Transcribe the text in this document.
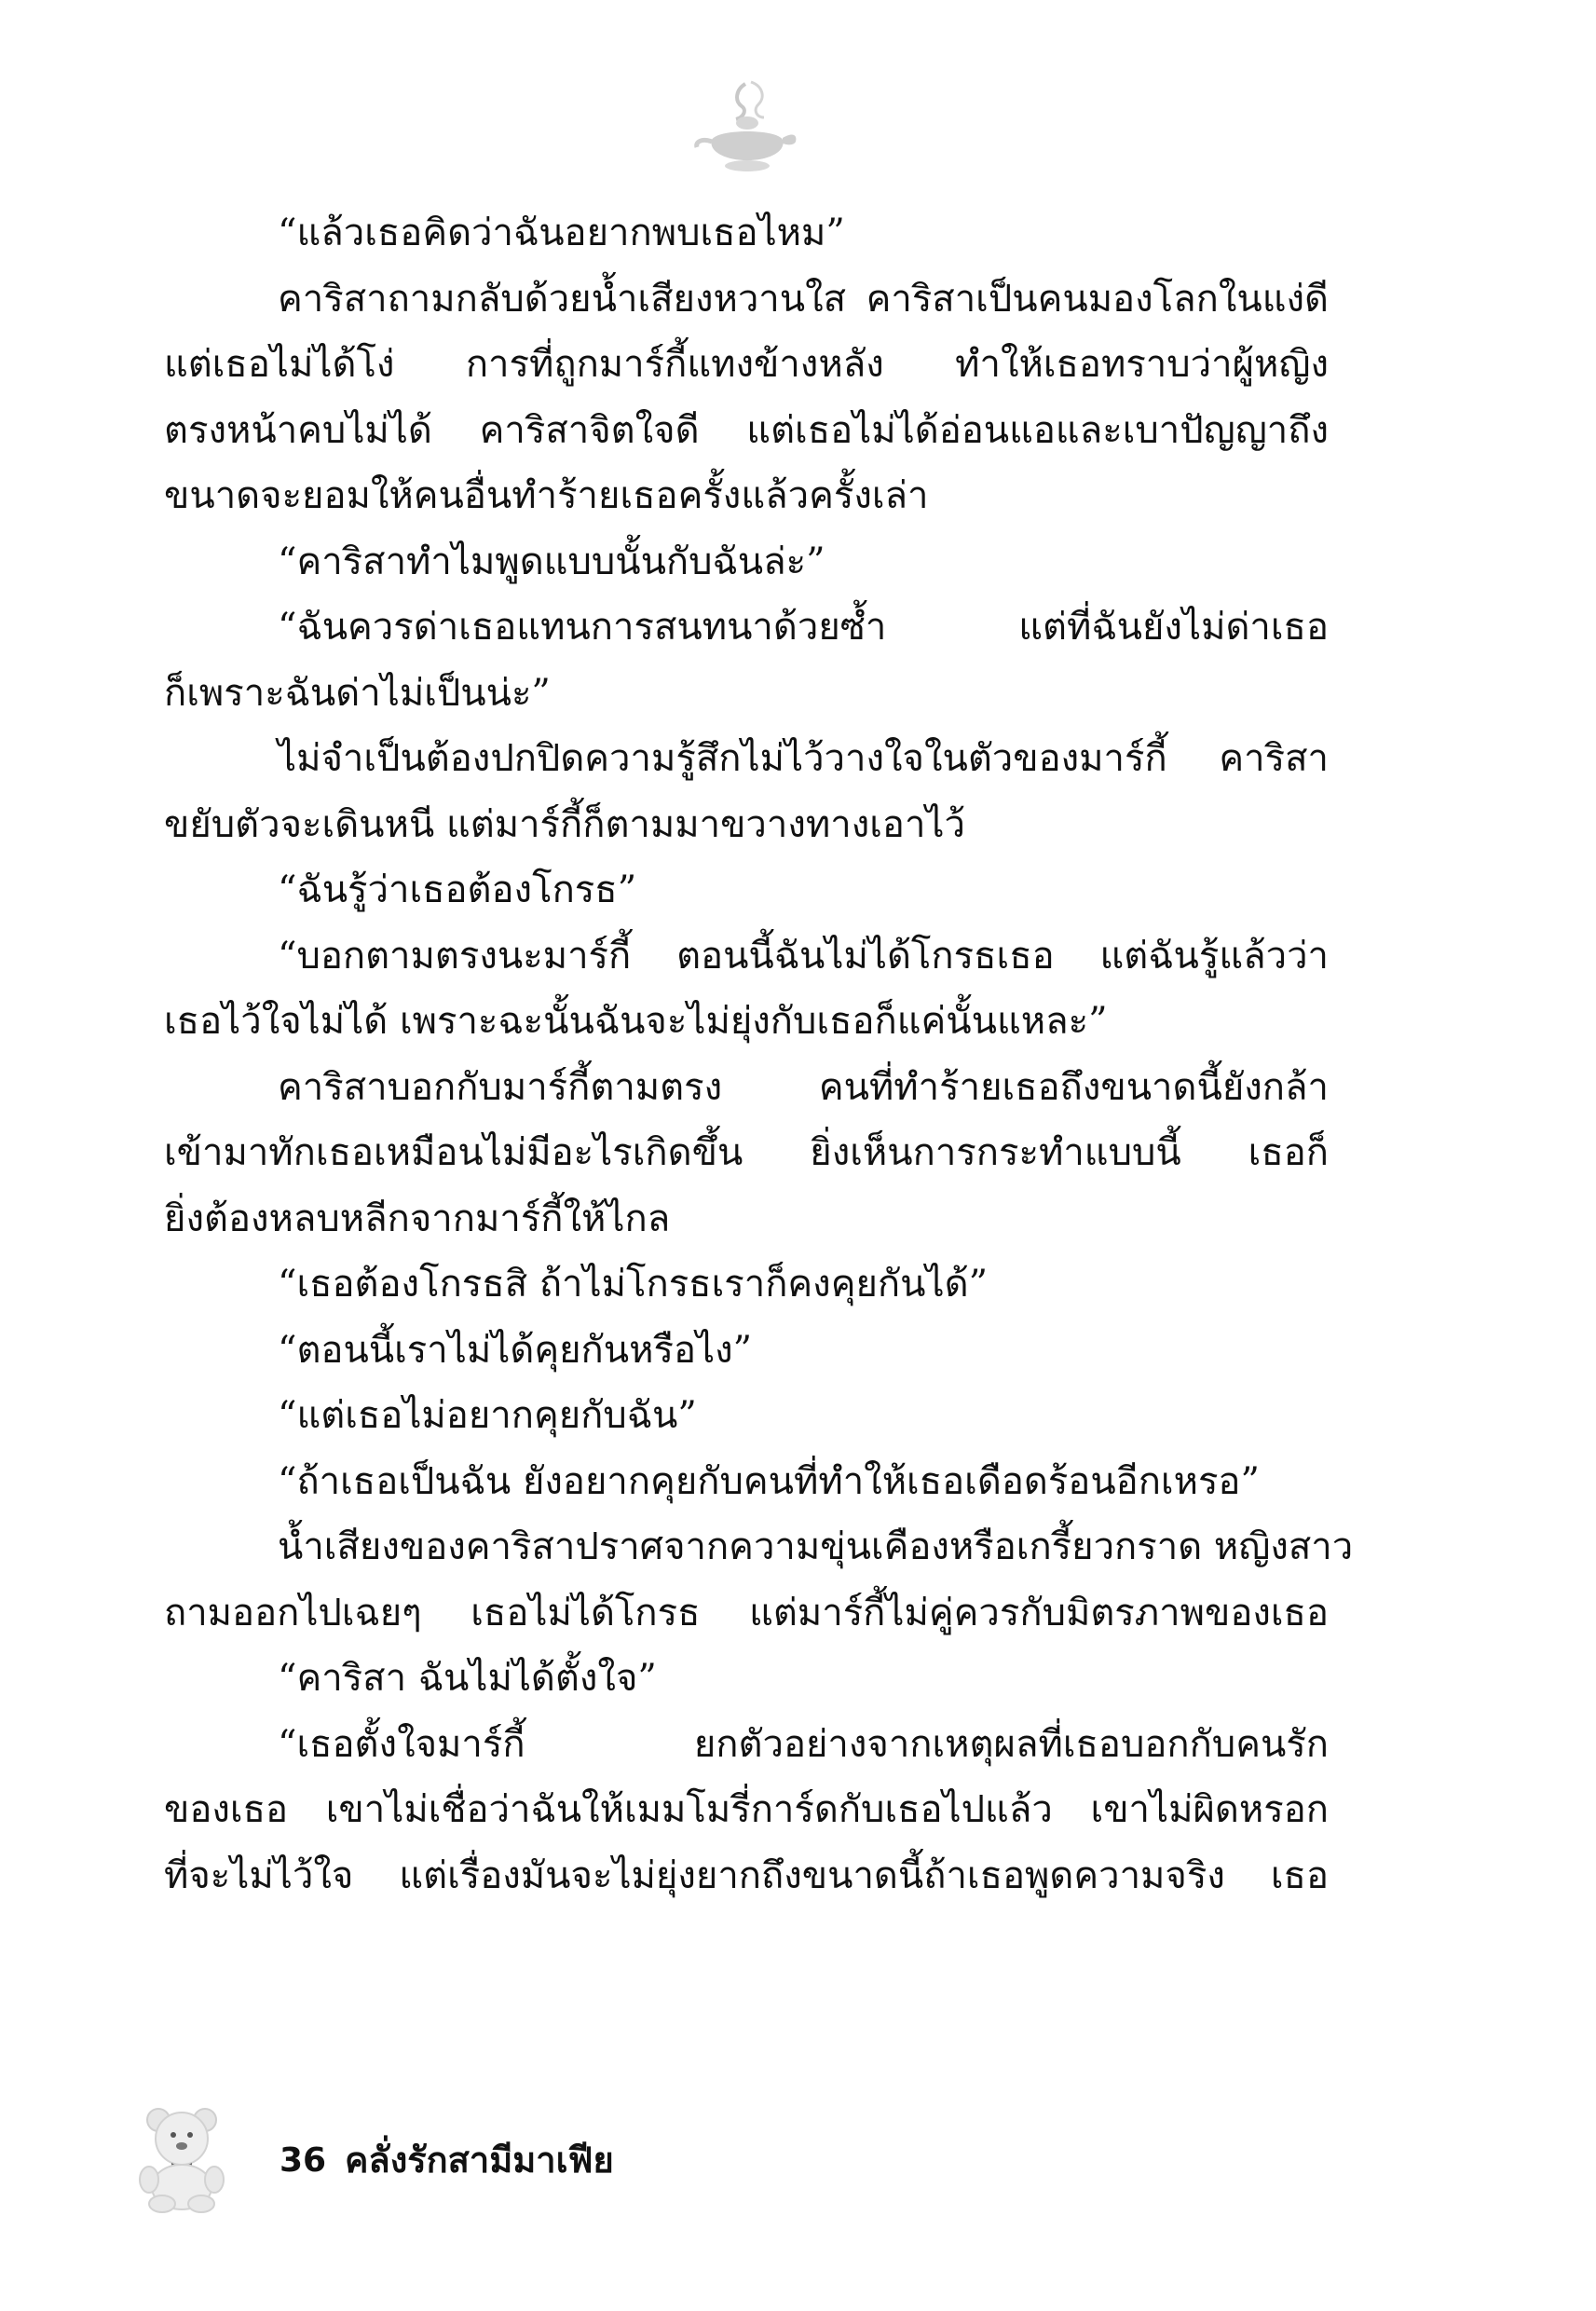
“แล้วเธอคิดว่าฉันอยากพบเธอไหม”
คาริสาถามกลับด้วยน้ำเสียงหวานใส คาริสาเป็นคนมองโลกในแง่ดี
แต่เธอไม่ได้โง่ การที่ถูกมาร์กี้แทงข้างหลัง ทำให้เธอทราบว่าผู้หญิง
ตรงหน้าคบไม่ได้ คาริสาจิตใจดี แต่เธอไม่ได้อ่อนแอและเบาปัญญาถึง
ขนาดจะยอมให้คนอื่นทำร้ายเธอครั้งแล้วครั้งเล่า
“คาริสาทำไมพูดแบบนั้นกับฉันล่ะ”
“ฉันควรด่าเธอแทนการสนทนาด้วยซ้ำ แต่ที่ฉันยังไม่ด่าเธอ
ก็เพราะฉันด่าไม่เป็นน่ะ”
ไม่จำเป็นต้องปกปิดความรู้สึกไม่ไว้วางใจในตัวของมาร์กี้ คาริสา
ขยับตัวจะเดินหนี แต่มาร์กี้ก็ตามมาขวางทางเอาไว้
“ฉันรู้ว่าเธอต้องโกรธ”
“บอกตามตรงนะมาร์กี้ ตอนนี้ฉันไม่ได้โกรธเธอ แต่ฉันรู้แล้วว่า
เธอไว้ใจไม่ได้ เพราะฉะนั้นฉันจะไม่ยุ่งกับเธอก็แค่นั้นแหละ”
คาริสาบอกกับมาร์กี้ตามตรง คนที่ทำร้ายเธอถึงขนาดนี้ยังกล้า
เข้ามาทักเธอเหมือนไม่มีอะไรเกิดขึ้น ยิ่งเห็นการกระทำแบบนี้ เธอก็
ยิ่งต้องหลบหลีกจากมาร์กี้ให้ไกล
“เธอต้องโกรธสิ ถ้าไม่โกรธเราก็คงคุยกันได้”
“ตอนนี้เราไม่ได้คุยกันหรือไง”
“แต่เธอไม่อยากคุยกับฉัน”
“ถ้าเธอเป็นฉัน ยังอยากคุยกับคนที่ทำให้เธอเดือดร้อนอีกเหรอ”
น้ำเสียงของคาริสาปราศจากความขุ่นเคืองหรือเกรี้ยวกราด หญิงสาว
ถามออกไปเฉยๆ เธอไม่ได้โกรธ แต่มาร์กี้ไม่คู่ควรกับมิตรภาพของเธอ
“คาริสา ฉันไม่ได้ตั้งใจ”
“เธอตั้งใจมาร์กี้ ยกตัวอย่างจากเหตุผลที่เธอบอกกับคนรัก
ของเธอ เขาไม่เชื่อว่าฉันให้เมมโมรี่การ์ดกับเธอไปแล้ว เขาไม่ผิดหรอก
ที่จะไม่ไว้ใจ แต่เรื่องมันจะไม่ยุ่งยากถึงขนาดนี้ถ้าเธอพูดความจริง เธอ
36 คลั่งรักสามีมาเฟีย
